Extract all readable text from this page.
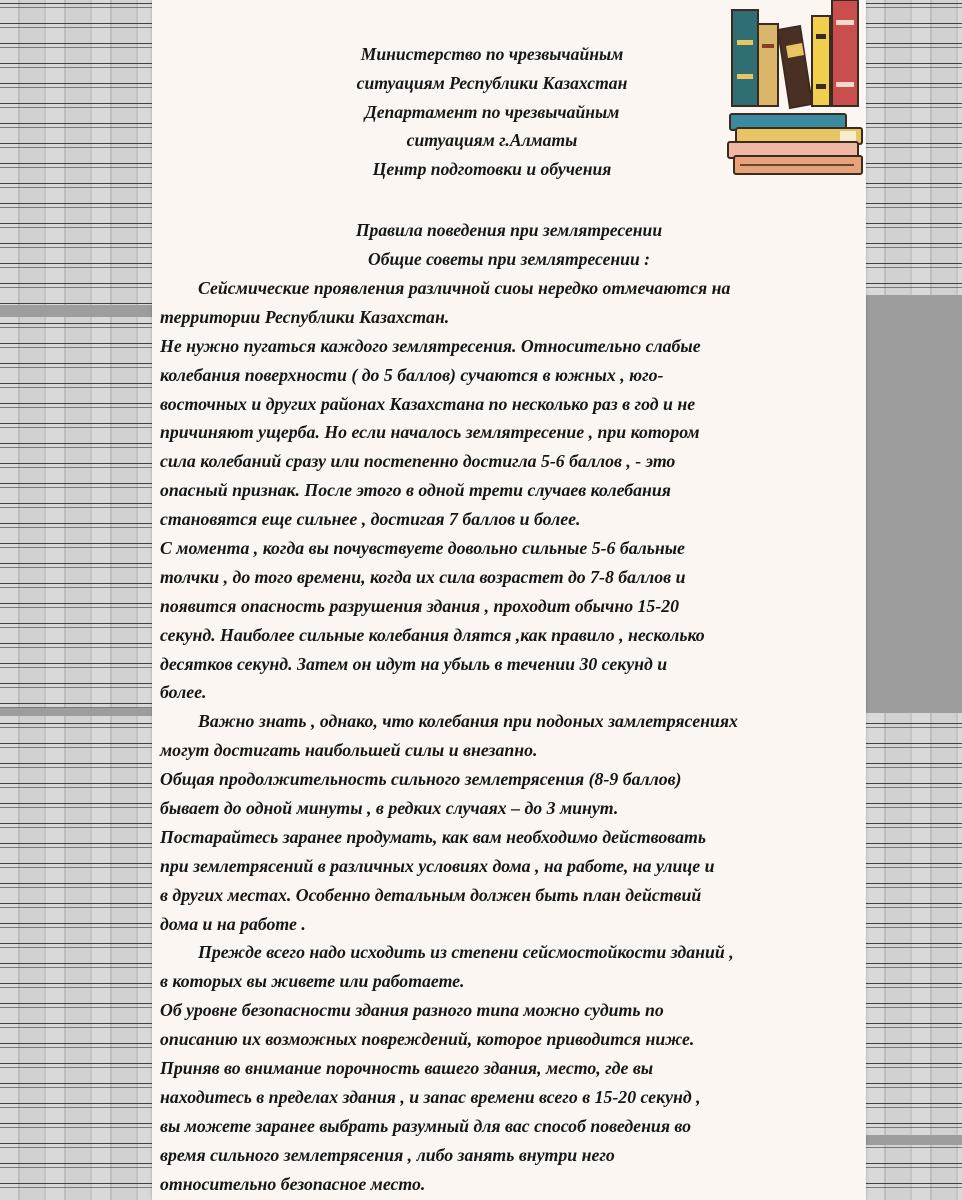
Министерство по чрезвычайным
ситуациям Республики Казахстан
Департамент по чрезвычайным
ситуациям г.Алматы
Центр подготовки и обучения
Правила поведения при землятресении
Общие советы при землятресении :
Сейсмические проявления различной сиоы нередко отмечаются на
территории Республики Казахстан.
Не нужно пугаться каждого землятресения. Относительно слабые
колебания поверхности ( до 5 баллов) сучаются в южных , юго-
восточных и других районах Казахстана по несколько раз в год и не
причиняют ущерба. Но если началось землятресение , при котором
сила колебаний сразу или постепенно достигла 5-6 баллов , - это
опасный признак. После этого в одной трети случаев колебания
становятся еще сильнее , достигая 7 баллов и более.
С момента , когда вы почувствуете довольно сильные 5-6 бальные
толчки , до того времени, когда их сила возрастет до 7-8 баллов и
появится опасность разрушения здания , проходит обычно 15-20
секунд. Наиболее сильные колебания длятся ,как правило , несколько
десятков секунд. Затем он идут на убыль в течении 30 секунд и
более.
Важно знать , однако, что колебания при подоных замлетрясениях
могут достигать наибольшей силы и внезапно.
Общая продолжительность сильного землетрясения (8-9 баллов)
бывает до одной минуты , в редких случаях – до 3 минут.
Постарайтесь заранее продумать, как вам необходимо действовать
при землетрясений в различных условиях дома , на работе, на улице и
в других местах. Особенно детальным должен быть план действий
дома и на работе .
Прежде всего надо исходить из степени сейсмостойкости зданий ,
в которых вы живете или работаете.
Об уровне безопасности здания разного типа можно судить по
описанию их возможных повреждений, которое приводится ниже.
Приняв во внимание порочность вашего здания, место, где вы
находитесь в пределах здания , и запас времени всего в 15-20 секунд ,
вы можете заранее выбрать разумный для вас способ поведения во
время сильного землетрясения , либо занять внутри него
относительно безопасное место.
